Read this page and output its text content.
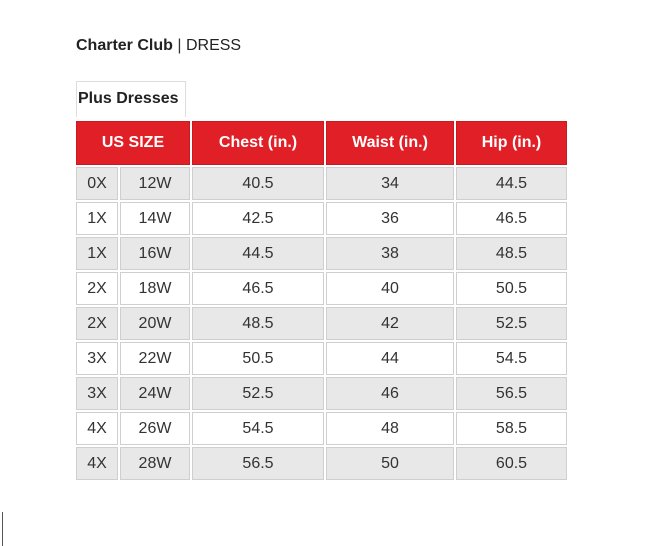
Charter Club | DRESS
Plus Dresses
US SIZE		Chest (in.)	Waist (in.)	Hip (in.)
0X	12W	40.5	34	44.5
1X	14W	42.5	36	46.5
1X	16W	44.5	38	48.5
2X	18W	46.5	40	50.5
2X	20W	48.5	42	52.5
3X	22W	50.5	44	54.5
3X	24W	52.5	46	56.5
4X	26W	54.5	48	58.5
4X	28W	56.5	50	60.5
